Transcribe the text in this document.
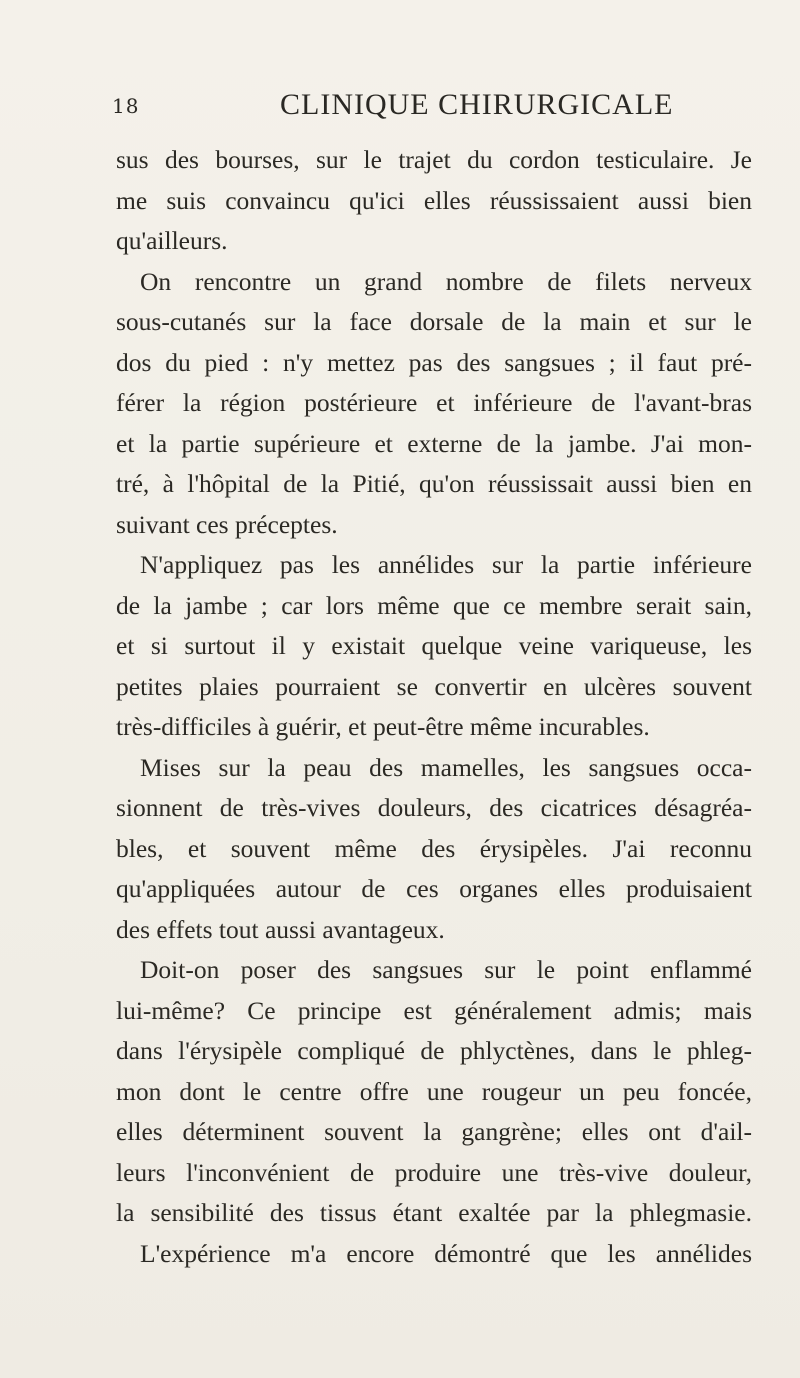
18	CLINIQUE CHIRURGICALE
sus des bourses, sur le trajet du cordon testiculaire. Je
me suis convaincu qu'ici elles réussissaient aussi bien
qu'ailleurs.
On rencontre un grand nombre de filets nerveux
sous-cutanés sur la face dorsale de la main et sur le
dos du pied : n'y mettez pas des sangsues ; il faut pré-
férer la région postérieure et inférieure de l'avant-bras
et la partie supérieure et externe de la jambe. J'ai mon-
tré, à l'hôpital de la Pitié, qu'on réussissait aussi bien en
suivant ces préceptes.
N'appliquez pas les annélides sur la partie inférieure
de la jambe ; car lors même que ce membre serait sain,
et si surtout il y existait quelque veine variqueuse, les
petites plaies pourraient se convertir en ulcères souvent
très-difficiles à guérir, et peut-être même incurables.
Mises sur la peau des mamelles, les sangsues occa-
sionnent de très-vives douleurs, des cicatrices désagréa-
bles, et souvent même des érysipèles. J'ai reconnu
qu'appliquées autour de ces organes elles produisaient
des effets tout aussi avantageux.
Doit-on poser des sangsues sur le point enflammé
lui-même? Ce principe est généralement admis; mais
dans l'érysipèle compliqué de phlyctènes, dans le phleg-
mon dont le centre offre une rougeur un peu foncée,
elles déterminent souvent la gangrène; elles ont d'ail-
leurs l'inconvénient de produire une très-vive douleur,
la sensibilité des tissus étant exaltée par la phlegmasie.
L'expérience m'a encore démontré que les annélides
